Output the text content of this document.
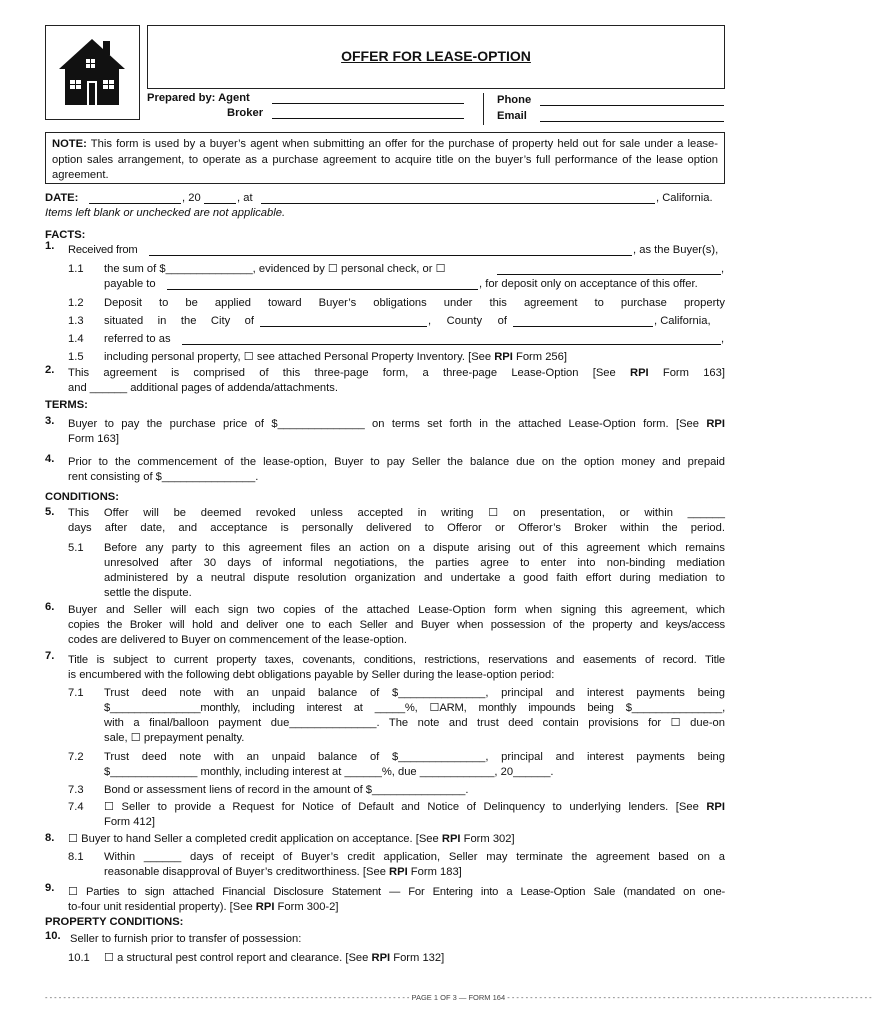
OFFER FOR LEASE-OPTION
Prepared by: Agent
Broker
Phone
Email
NOTE: This form is used by a buyer’s agent when submitting an offer for the purchase of property held out for sale under a lease-option sales arrangement, to operate as a purchase agreement to acquire title on the buyer’s full performance of the lease option agreement.
DATE:	, 20	, at	, California.
Items left blank or unchecked are not applicable.
FACTS:
1. Received from	, as the Buyer(s),
1.1 the sum of $______________, evidenced by ☐ personal check, or ☐	,
payable to	, for deposit only on acceptance of this offer.
1.2 Deposit to be applied toward Buyer’s obligations under this agreement to purchase property
1.3 situated in the City of	, County of	, California,
1.4 referred to as	,
1.5 including personal property, ☐ see attached Personal Property Inventory. [See RPI Form 256]
2. This agreement is comprised of this three-page form, a three-page Lease-Option [See RPI Form 163]
and ______ additional pages of addenda/attachments.
TERMS:
3. Buyer to pay the purchase price of $______________ on terms set forth in the attached Lease-Option form. [See RPI
Form 163]
4. Prior to the commencement of the lease-option, Buyer to pay Seller the balance due on the option money and prepaid
rent consisting of $_______________.
CONDITIONS:
5. This Offer will be deemed revoked unless accepted in writing ☐ on presentation, or within ______
days after date, and acceptance is personally delivered to Offeror or Offeror’s Broker within the period.
5.1 Before any party to this agreement files an action on a dispute arising out of this agreement which remains
unresolved after 30 days of informal negotiations, the parties agree to enter into non-binding mediation
administered by a neutral dispute resolution organization and undertake a good faith effort during mediation to
settle the dispute.
6. Buyer and Seller will each sign two copies of the attached Lease-Option form when signing this agreement, which
copies the Broker will hold and deliver one to each Seller and Buyer when possession of the property and keys/access
codes are delivered to Buyer on commencement of the lease-option.
7. Title is subject to current property taxes, covenants, conditions, restrictions, reservations and easements of record. Title
is encumbered with the following debt obligations payable by Seller during the lease-option period:
7.1 Trust deed note with an unpaid balance of $______________, principal and interest payments being
$_______________monthly, including interest at _____%, ☐ARM, monthly impounds being $_______________,
with a final/balloon payment due______________. The note and trust deed contain provisions for ☐ due-on
sale, ☐ prepayment penalty.
7.2 Trust deed note with an unpaid balance of $______________, principal and interest payments being
$______________ monthly, including interest at ______%, due ____________, 20______.
7.3 Bond or assessment liens of record in the amount of $_______________.
7.4 ☐ Seller to provide a Request for Notice of Default and Notice of Delinquency to underlying lenders. [See RPI
Form 412]
8. ☐ Buyer to hand Seller a completed credit application on acceptance. [See RPI Form 302]
8.1 Within ______ days of receipt of Buyer’s credit application, Seller may terminate the agreement based on a
reasonable disapproval of Buyer’s creditworthiness. [See RPI Form 183]
9. ☐ Parties to sign attached Financial Disclosure Statement — For Entering into a Lease-Option Sale (mandated on one-
to-four unit residential property). [See RPI Form 300-2]
PROPERTY CONDITIONS:
10. Seller to furnish prior to transfer of possession:
10.1 ☐ a structural pest control report and clearance. [See RPI Form 132]
- - - - - - - - - - - - - - - - - - - - - - - - - - - - - - - - - - - - - - - - - - - - - - - - - - - - - - - - - - - - - - - - - - - - - - - - - - - - - - - - PAGE 1 OF 3 — FORM 164 - - - - - - - - - - - - - - - - - - - - - - - - - - - - - - - - - - - - - - - - - - - - - - - - - - - - - - - - - - - - - - - - - - - - - - - - - - - - - - - -
